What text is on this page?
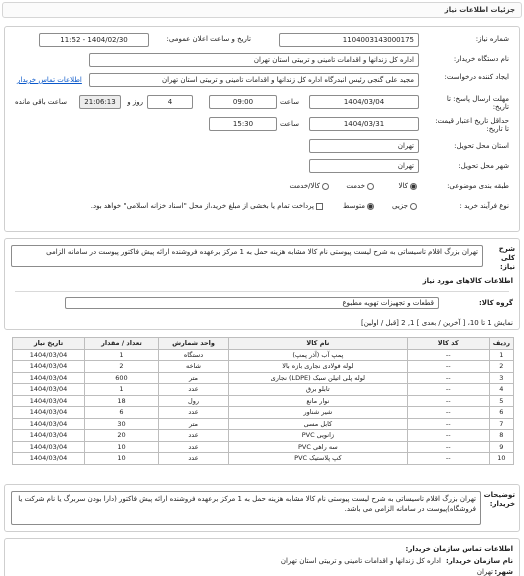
جزئیات اطلاعات نیاز
شماره نیاز:
1104003143000175
تاریخ و ساعت اعلان عمومی:
1404/02/30 - 11:52
نام دستگاه خریدار:
اداره کل زندانها و اقدامات تامینی و تربیتی استان تهران
ایجاد کننده درخواست:
مجید علی گنجی رئیس انبدرگاه اداره کل زندانها و اقدامات تامینی و تربیتی استان تهران
اطلاعات تماس خریدار
مهلت ارسال پاسخ: تا تاریخ:
1404/03/04
ساعت
09:00
4
روز و
21:06:13
ساعت باقی مانده
حداقل تاریخ اعتبار قیمت: تا تاریخ:
1404/03/31
ساعت
15:30
استان محل تحویل:
تهران
شهر محل تحویل:
تهران
طبقه بندی موضوعی:
کالا
خدمت
کالا/خدمت
نوع فرآیند خرید :
جزیی
متوسط
پرداخت تمام یا بخشی از مبلغ خرید،از محل "اسناد خزانه اسلامی" خواهد بود.
شرح کلی نیاز:
تهران بزرگ اقلام تاسیساتی به شرح لیست پیوستی نام کالا مشابه هزینه حمل به 1 مرکز برعهده فروشنده ارائه پیش فاکتور پیوست در سامانه الزامی
اطلاعات کالاهای مورد نیاز
گروه کالا:
قطعات و تجهیزات تهویه مطبوع
نمایش 1 تا 10، [ آخرین / بعدی ] 1, 2 [قبل / اولین]
ردیف	کد کالا	نام کالا	واحد شمارش	تعداد / مقدار	تاریخ نیاز
1	--	پمپ آب (آذر پمپ)	دستگاه	1	1404/03/04
2	--	لوله فولادی نجاری بازه بالا	شاخه	2	1404/03/04
3	--	لوله پلی اتیلن سبک (LDPE) نجاری	متر	600	1404/03/04
4	--	تابلو برق	عدد	1	1404/03/04
5	--	نوار مانع	رول	18	1404/03/04
6	--	شیر شناور	عدد	6	1404/03/04
7	--	کابل مسی	متر	30	1404/03/04
8	--	زانویی PVC	عدد	20	1404/03/04
9	--	سه راهی PVC	عدد	10	1404/03/04
10	--	کپ پلاستیک PVC	عدد	10	1404/03/04
توضیحات خریدار:
تهران بزرگ اقلام تاسیساتی به شرح لیست پیوستی نام کالا مشابه هزینه حمل به 1 مرکز برعهده فروشنده ارائه پیش فاکتور (دارا بودن سربرگ یا نام شرکت یا فروشگاه)پیوست در سامانه الزامی می باشد.
اطلاعات تماس سازمان خریدار:
نام سازمان خریدار:
اداره کل زندانها و اقدامات تامینی و تربیتی استان تهران
شهر:
تهران
